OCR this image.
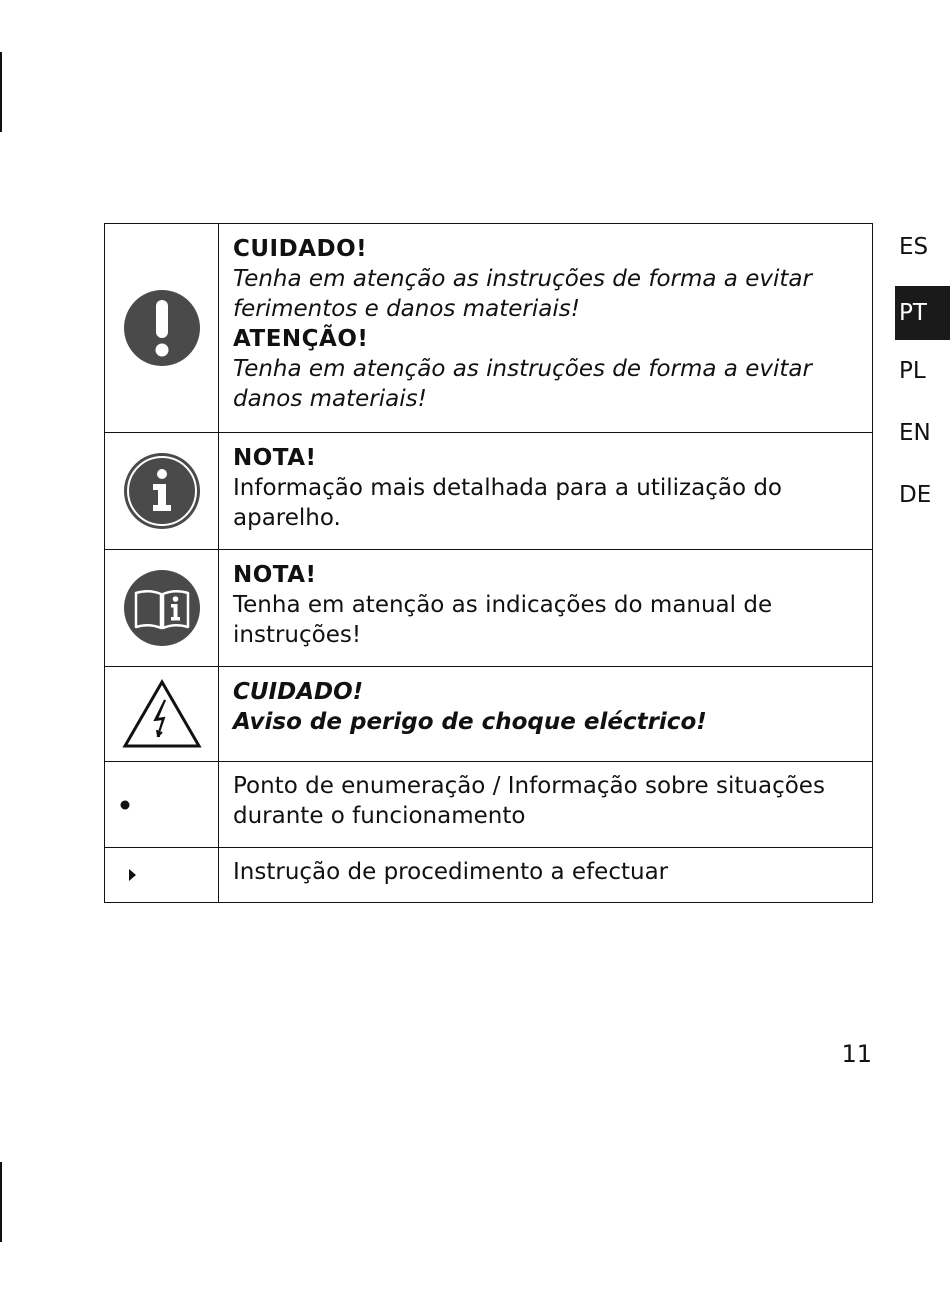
CUIDADO!
Tenha em atenção as instruções de forma a evitar ferimentos e danos materiais!
ATENÇÃO!
Tenha em atenção as instruções de forma a evitar danos materiais!

NOTA!
Informação mais detalhada para a utilização do aparelho.

NOTA!
Tenha em atenção as indicações do manual de instruções!

CUIDADO!
Aviso de perigo de choque eléctrico!

Ponto de enumeração / Informação sobre situações durante o funcionamento

Instrução de procedimento a efectuar
ES
PT
PL
EN
DE
11
